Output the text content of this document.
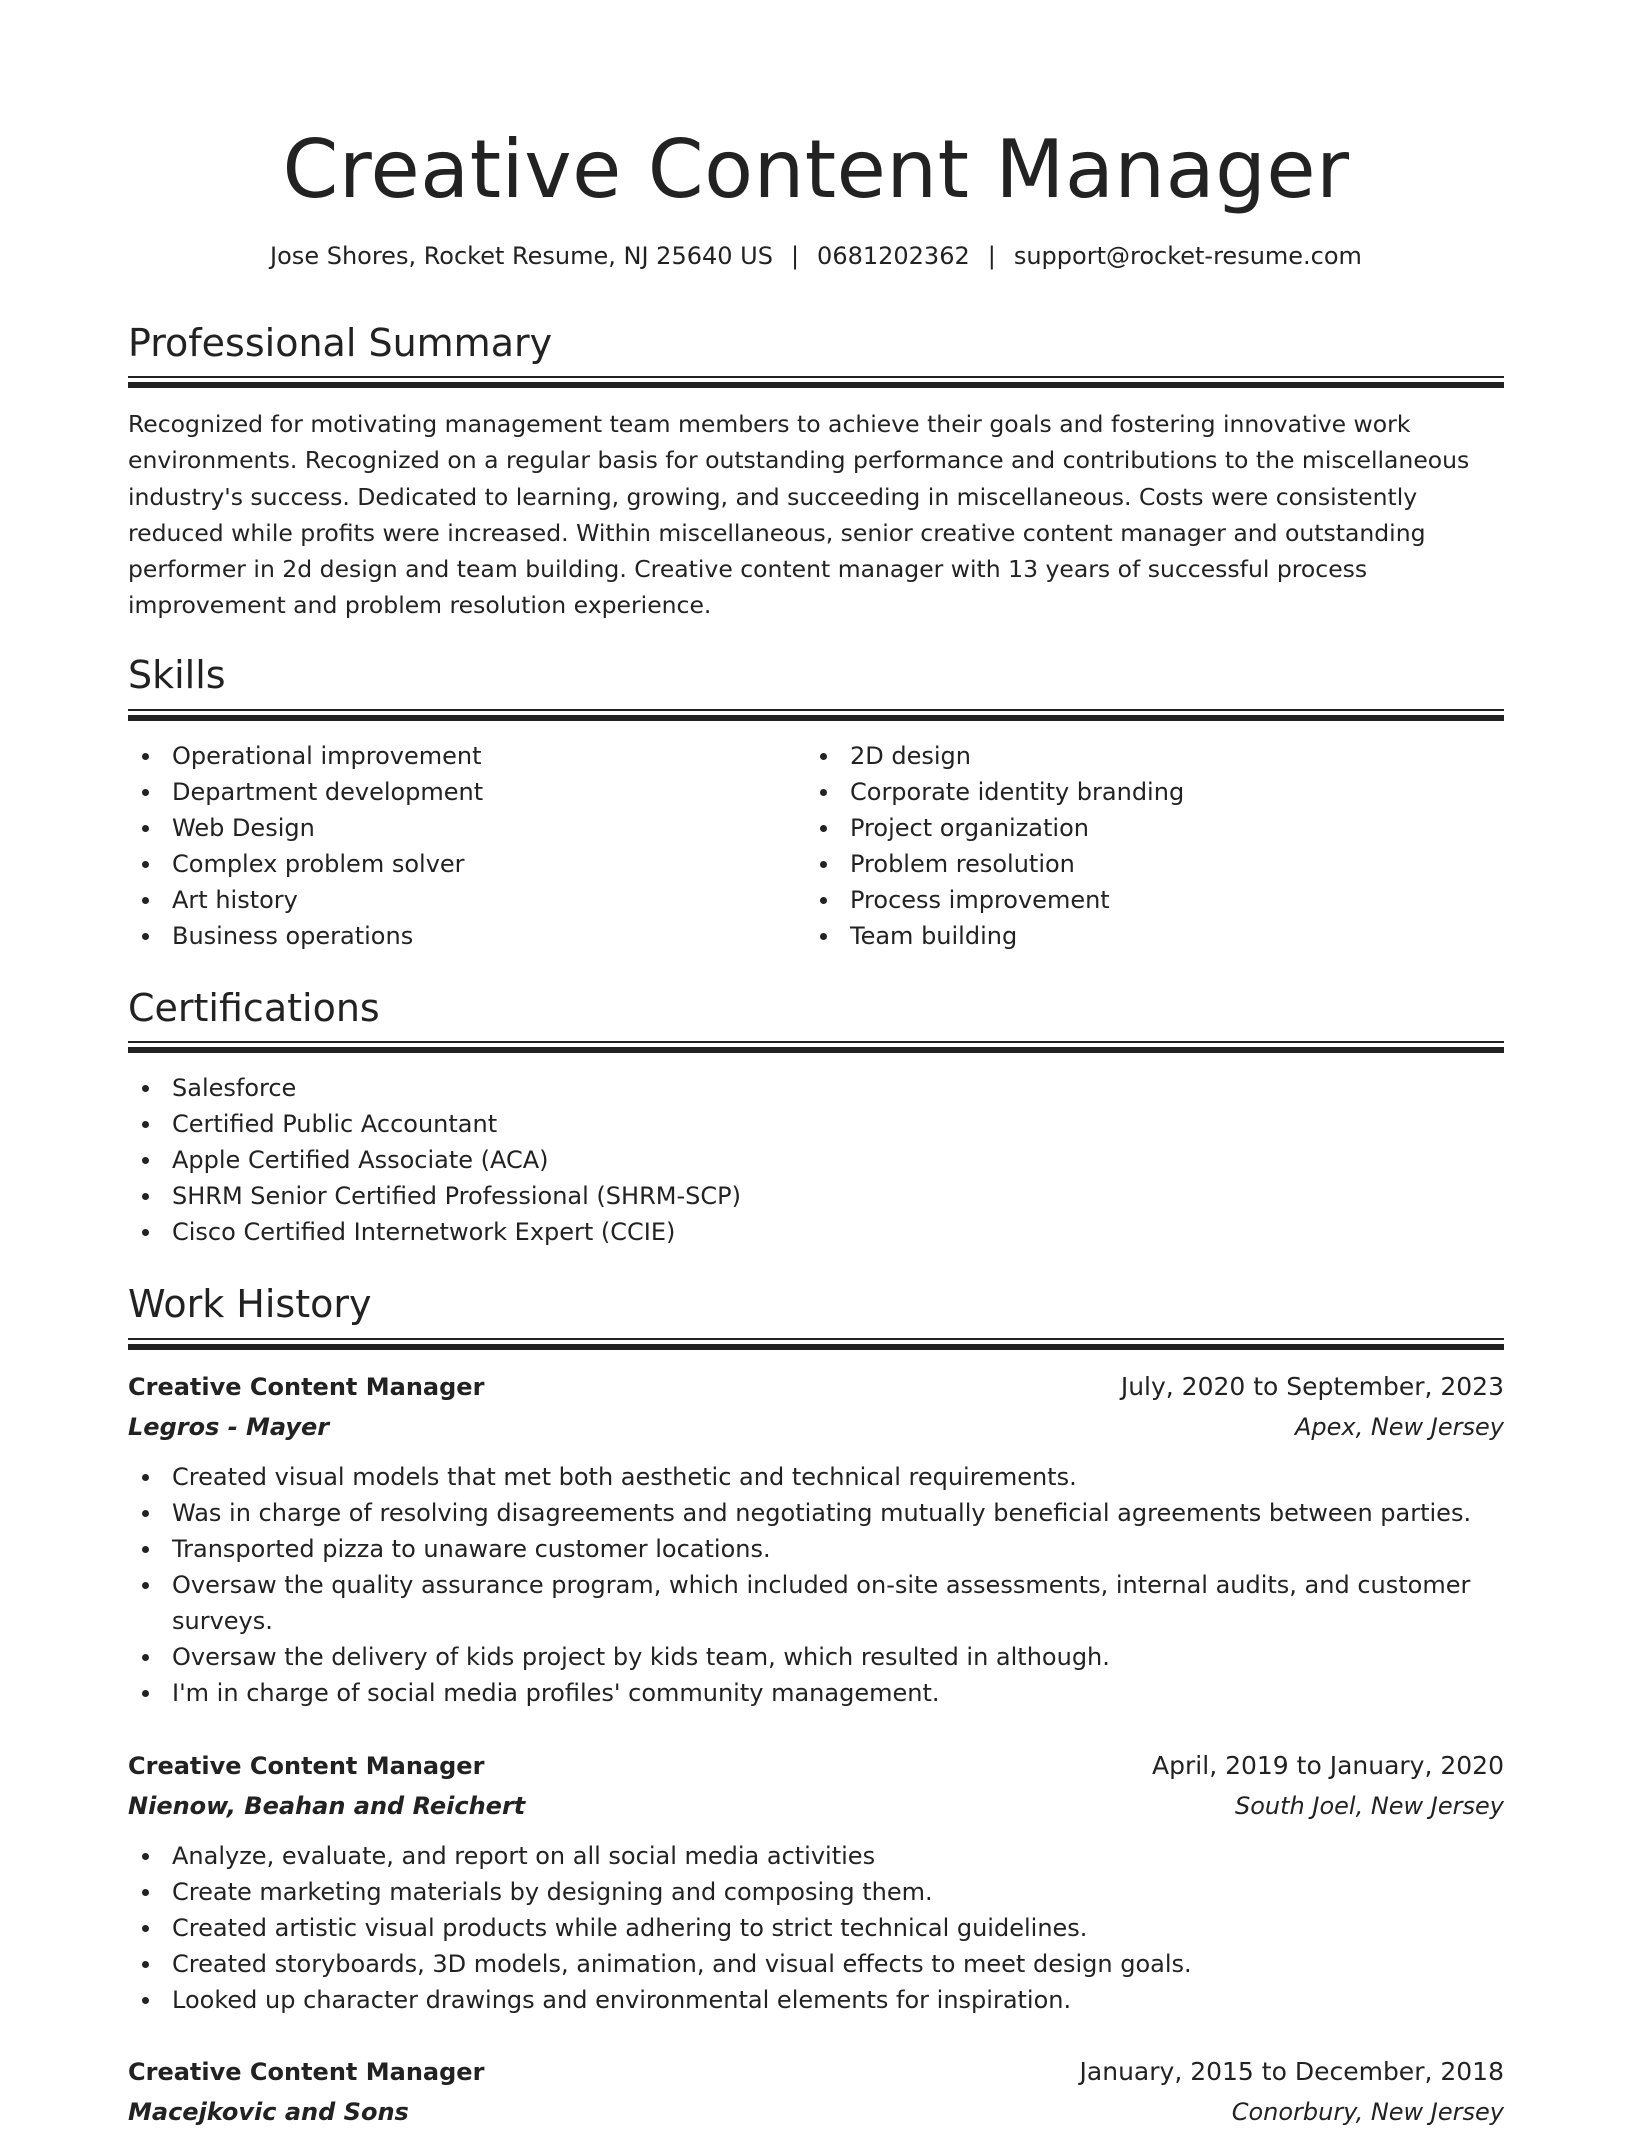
Creative Content Manager
Jose Shores, Rocket Resume, NJ 25640 US | 0681202362 | support@rocket-resume.com
Professional Summary

Recognized for motivating management team members to achieve their goals and fostering innovative work environments. Recognized on a regular basis for outstanding performance and contributions to the miscellaneous industry's success. Dedicated to learning, growing, and succeeding in miscellaneous. Costs were consistently reduced while profits were increased. Within miscellaneous, senior creative content manager and outstanding performer in 2d design and team building. Creative content manager with 13 years of successful process improvement and problem resolution experience.

Skills
Operational improvement
Department development
Web Design
Complex problem solver
Art history
Business operations
2D design
Corporate identity branding
Project organization
Problem resolution
Process improvement
Team building
Certifications
Salesforce
Certified Public Accountant
Apple Certified Associate (ACA)
SHRM Senior Certified Professional (SHRM-SCP)
Cisco Certified Internetwork Expert (CCIE)
Work History
Creative Content Manager	July, 2020 to September, 2023
Legros - Mayer	Apex, New Jersey
Created visual models that met both aesthetic and technical requirements.
Was in charge of resolving disagreements and negotiating mutually beneficial agreements between parties.
Transported pizza to unaware customer locations.
Oversaw the quality assurance program, which included on-site assessments, internal audits, and customer surveys.
Oversaw the delivery of kids project by kids team, which resulted in although.
I'm in charge of social media profiles' community management.
Creative Content Manager	April, 2019 to January, 2020
Nienow, Beahan and Reichert	South Joel, New Jersey
Analyze, evaluate, and report on all social media activities
Create marketing materials by designing and composing them.
Created artistic visual products while adhering to strict technical guidelines.
Created storyboards, 3D models, animation, and visual effects to meet design goals.
Looked up character drawings and environmental elements for inspiration.
Creative Content Manager	January, 2015 to December, 2018
Macejkovic and Sons	Conorbury, New Jersey
